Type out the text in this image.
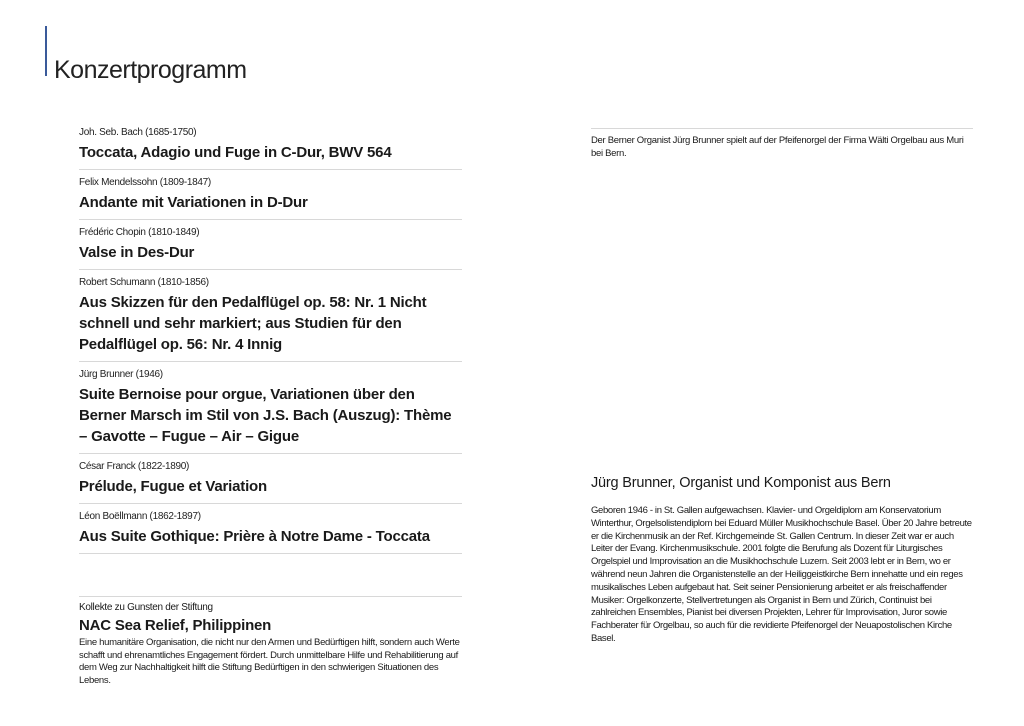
Konzertprogramm
Joh. Seb. Bach (1685-1750)
Toccata, Adagio und Fuge in C-Dur, BWV 564
Felix Mendelssohn (1809-1847)
Andante mit Variationen in D-Dur
Frédéric Chopin (1810-1849)
Valse in Des-Dur
Robert Schumann (1810-1856)
Aus Skizzen für den Pedalflügel op. 58: Nr. 1 Nicht schnell und sehr markiert; aus Studien für den Pedalflügel op. 56: Nr. 4 Innig
Jürg Brunner (1946)
Suite Bernoise pour orgue, Variationen über den Berner Marsch im Stil von J.S. Bach (Auszug): Thème – Gavotte – Fugue – Air – Gigue
César Franck (1822-1890)
Prélude, Fugue et Variation
Léon Boëllmann (1862-1897)
Aus Suite Gothique: Prière à Notre Dame - Toccata
Kollekte zu Gunsten der Stiftung
NAC Sea Relief, Philippinen
Eine humanitäre Organisation, die nicht nur den Armen und Bedürftigen hilft, sondern auch Werte schafft und ehrenamtliches Engagement fördert. Durch unmittelbare Hilfe und Rehabilitierung auf dem Weg zur Nachhaltigkeit hilft die Stiftung Bedürftigen in den schwierigen Situationen des Lebens.
Der Berner Organist Jürg Brunner spielt auf der Pfeifenorgel der Firma Wälti Orgelbau aus Muri bei Bern.
Jürg Brunner, Organist und Komponist aus Bern
Geboren 1946 - in St. Gallen aufgewachsen. Klavier- und Orgeldiplom am Konservatorium Winterthur, Orgelsolistendiplom bei Eduard Müller Musikhochschule Basel. Über 20 Jahre betreute er die Kirchenmusik an der Ref. Kirchgemeinde St. Gallen Centrum. In dieser Zeit war er auch Leiter der Evang. Kirchenmusikschule. 2001 folgte die Berufung als Dozent für Liturgisches Orgelspiel und Improvisation an die Musikhochschule Luzern. Seit 2003 lebt er in Bern, wo er während neun Jahren die Organistenstelle an der Heiliggeistkirche Bern innehatte und ein reges musikalisches Leben aufgebaut hat. Seit seiner Pensionierung arbeitet er als freischaffender Musiker: Orgelkonzerte, Stellvertretungen als Organist in Bern und Zürich, Continuist bei zahlreichen Ensembles, Pianist bei diversen Projekten, Lehrer für Improvisation, Juror sowie Fachberater für Orgelbau, so auch für die revidierte Pfeifenorgel der Neuapostolischen Kirche Basel.
